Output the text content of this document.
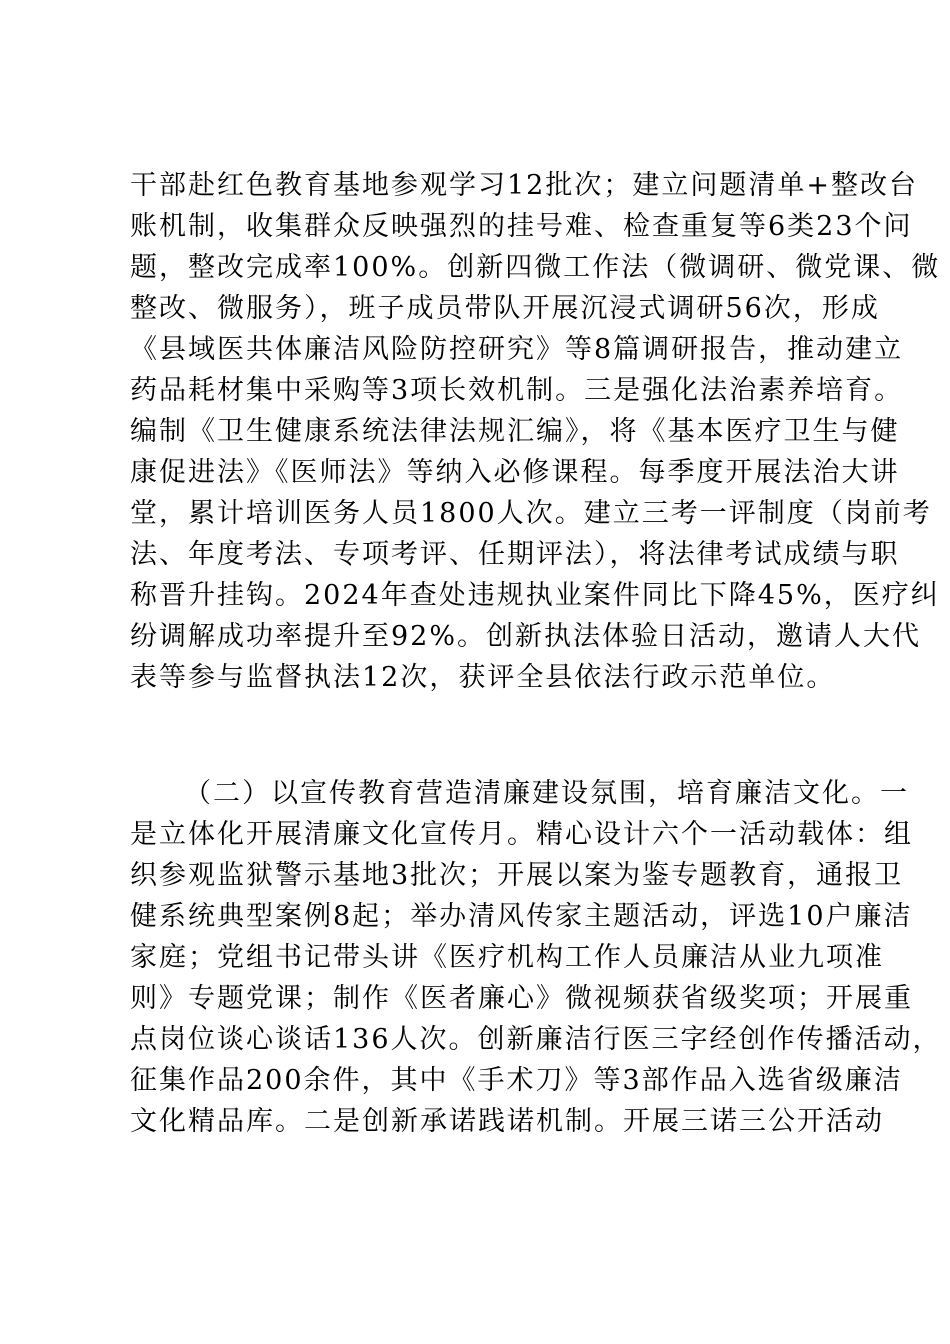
干部赴红色教育基地参观学习12批次；建立问题清单+整改台
账机制，收集群众反映强烈的挂号难、检查重复等6类23个问
题，整改完成率100%。创新四微工作法（微调研、微党课、微
整改、微服务），班子成员带队开展沉浸式调研56次，形成
《县域医共体廉洁风险防控研究》等8篇调研报告，推动建立
药品耗材集中采购等3项长效机制。三是强化法治素养培育。
编制《卫生健康系统法律法规汇编》，将《基本医疗卫生与健
康促进法》《医师法》等纳入必修课程。每季度开展法治大讲
堂，累计培训医务人员1800人次。建立三考一评制度（岗前考
法、年度考法、专项考评、任期评法），将法律考试成绩与职
称晋升挂钩。2024年查处违规执业案件同比下降45%，医疗纠
纷调解成功率提升至92%。创新执法体验日活动，邀请人大代
表等参与监督执法12次，获评全县依法行政示范单位。
（二）以宣传教育营造清廉建设氛围，培育廉洁文化。一
是立体化开展清廉文化宣传月。精心设计六个一活动载体：组
织参观监狱警示基地3批次；开展以案为鉴专题教育，通报卫
健系统典型案例8起；举办清风传家主题活动，评选10户廉洁
家庭；党组书记带头讲《医疗机构工作人员廉洁从业九项准
则》专题党课；制作《医者廉心》微视频获省级奖项；开展重
点岗位谈心谈话136人次。创新廉洁行医三字经创作传播活动，
征集作品200余件，其中《手术刀》等3部作品入选省级廉洁
文化精品库。二是创新承诺践诺机制。开展三诺三公开活动
